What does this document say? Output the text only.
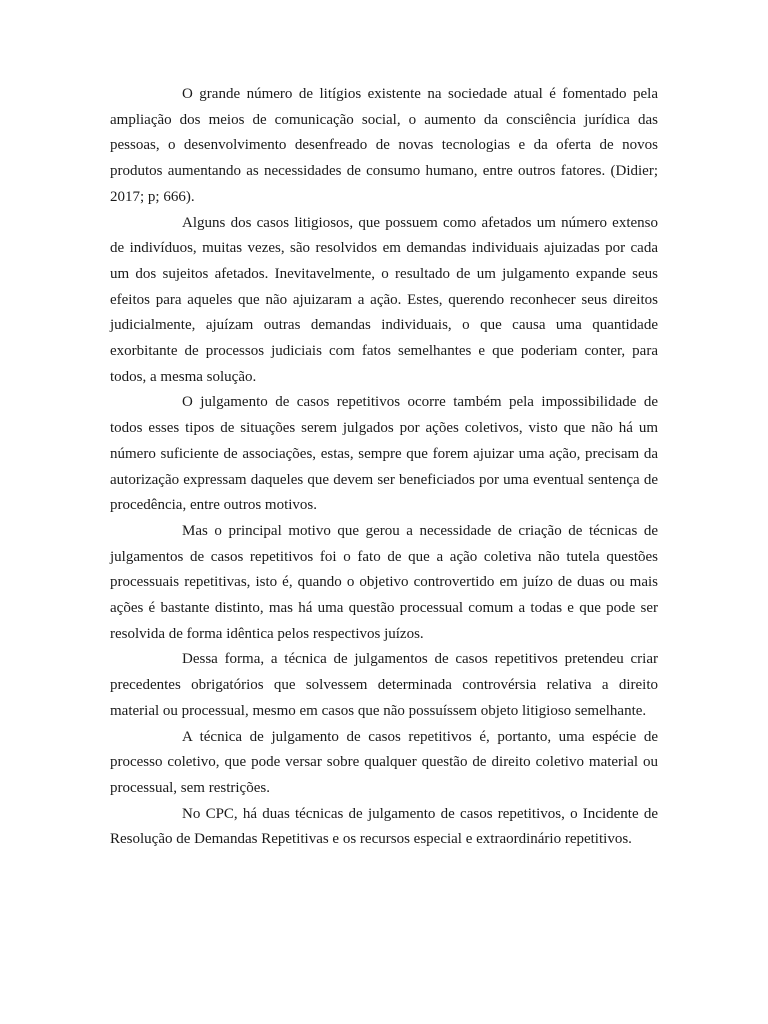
O grande número de litígios existente na sociedade atual é fomentado pela ampliação dos meios de comunicação social, o aumento da consciência jurídica das pessoas, o desenvolvimento desenfreado de novas tecnologias e da oferta de novos produtos aumentando as necessidades de consumo humano, entre outros fatores. (Didier; 2017; p; 666).

Alguns dos casos litigiosos, que possuem como afetados um número extenso de indivíduos, muitas vezes, são resolvidos em demandas individuais ajuizadas por cada um dos sujeitos afetados. Inevitavelmente, o resultado de um julgamento expande seus efeitos para aqueles que não ajuizaram a ação. Estes, querendo reconhecer seus direitos judicialmente, ajuízam outras demandas individuais, o que causa uma quantidade exorbitante de processos judiciais com fatos semelhantes e que poderiam conter, para todos, a mesma solução.

O julgamento de casos repetitivos ocorre também pela impossibilidade de todos esses tipos de situações serem julgados por ações coletivos, visto que não há um número suficiente de associações, estas, sempre que forem ajuizar uma ação, precisam da autorização expressam daqueles que devem ser beneficiados por uma eventual sentença de procedência, entre outros motivos.

Mas o principal motivo que gerou a necessidade de criação de técnicas de julgamentos de casos repetitivos foi o fato de que a ação coletiva não tutela questões processuais repetitivas, isto é, quando o objetivo controvertido em juízo de duas ou mais ações é bastante distinto, mas há uma questão processual comum a todas e que pode ser resolvida de forma idêntica pelos respectivos juízos.

Dessa forma, a técnica de julgamentos de casos repetitivos pretendeu criar precedentes obrigatórios que solvessem determinada controvérsia relativa a direito material ou processual, mesmo em casos que não possuíssem objeto litigioso semelhante.

A técnica de julgamento de casos repetitivos é, portanto, uma espécie de processo coletivo, que pode versar sobre qualquer questão de direito coletivo material ou processual, sem restrições.

No CPC, há duas técnicas de julgamento de casos repetitivos, o Incidente de Resolução de Demandas Repetitivas e os recursos especial e extraordinário repetitivos.
